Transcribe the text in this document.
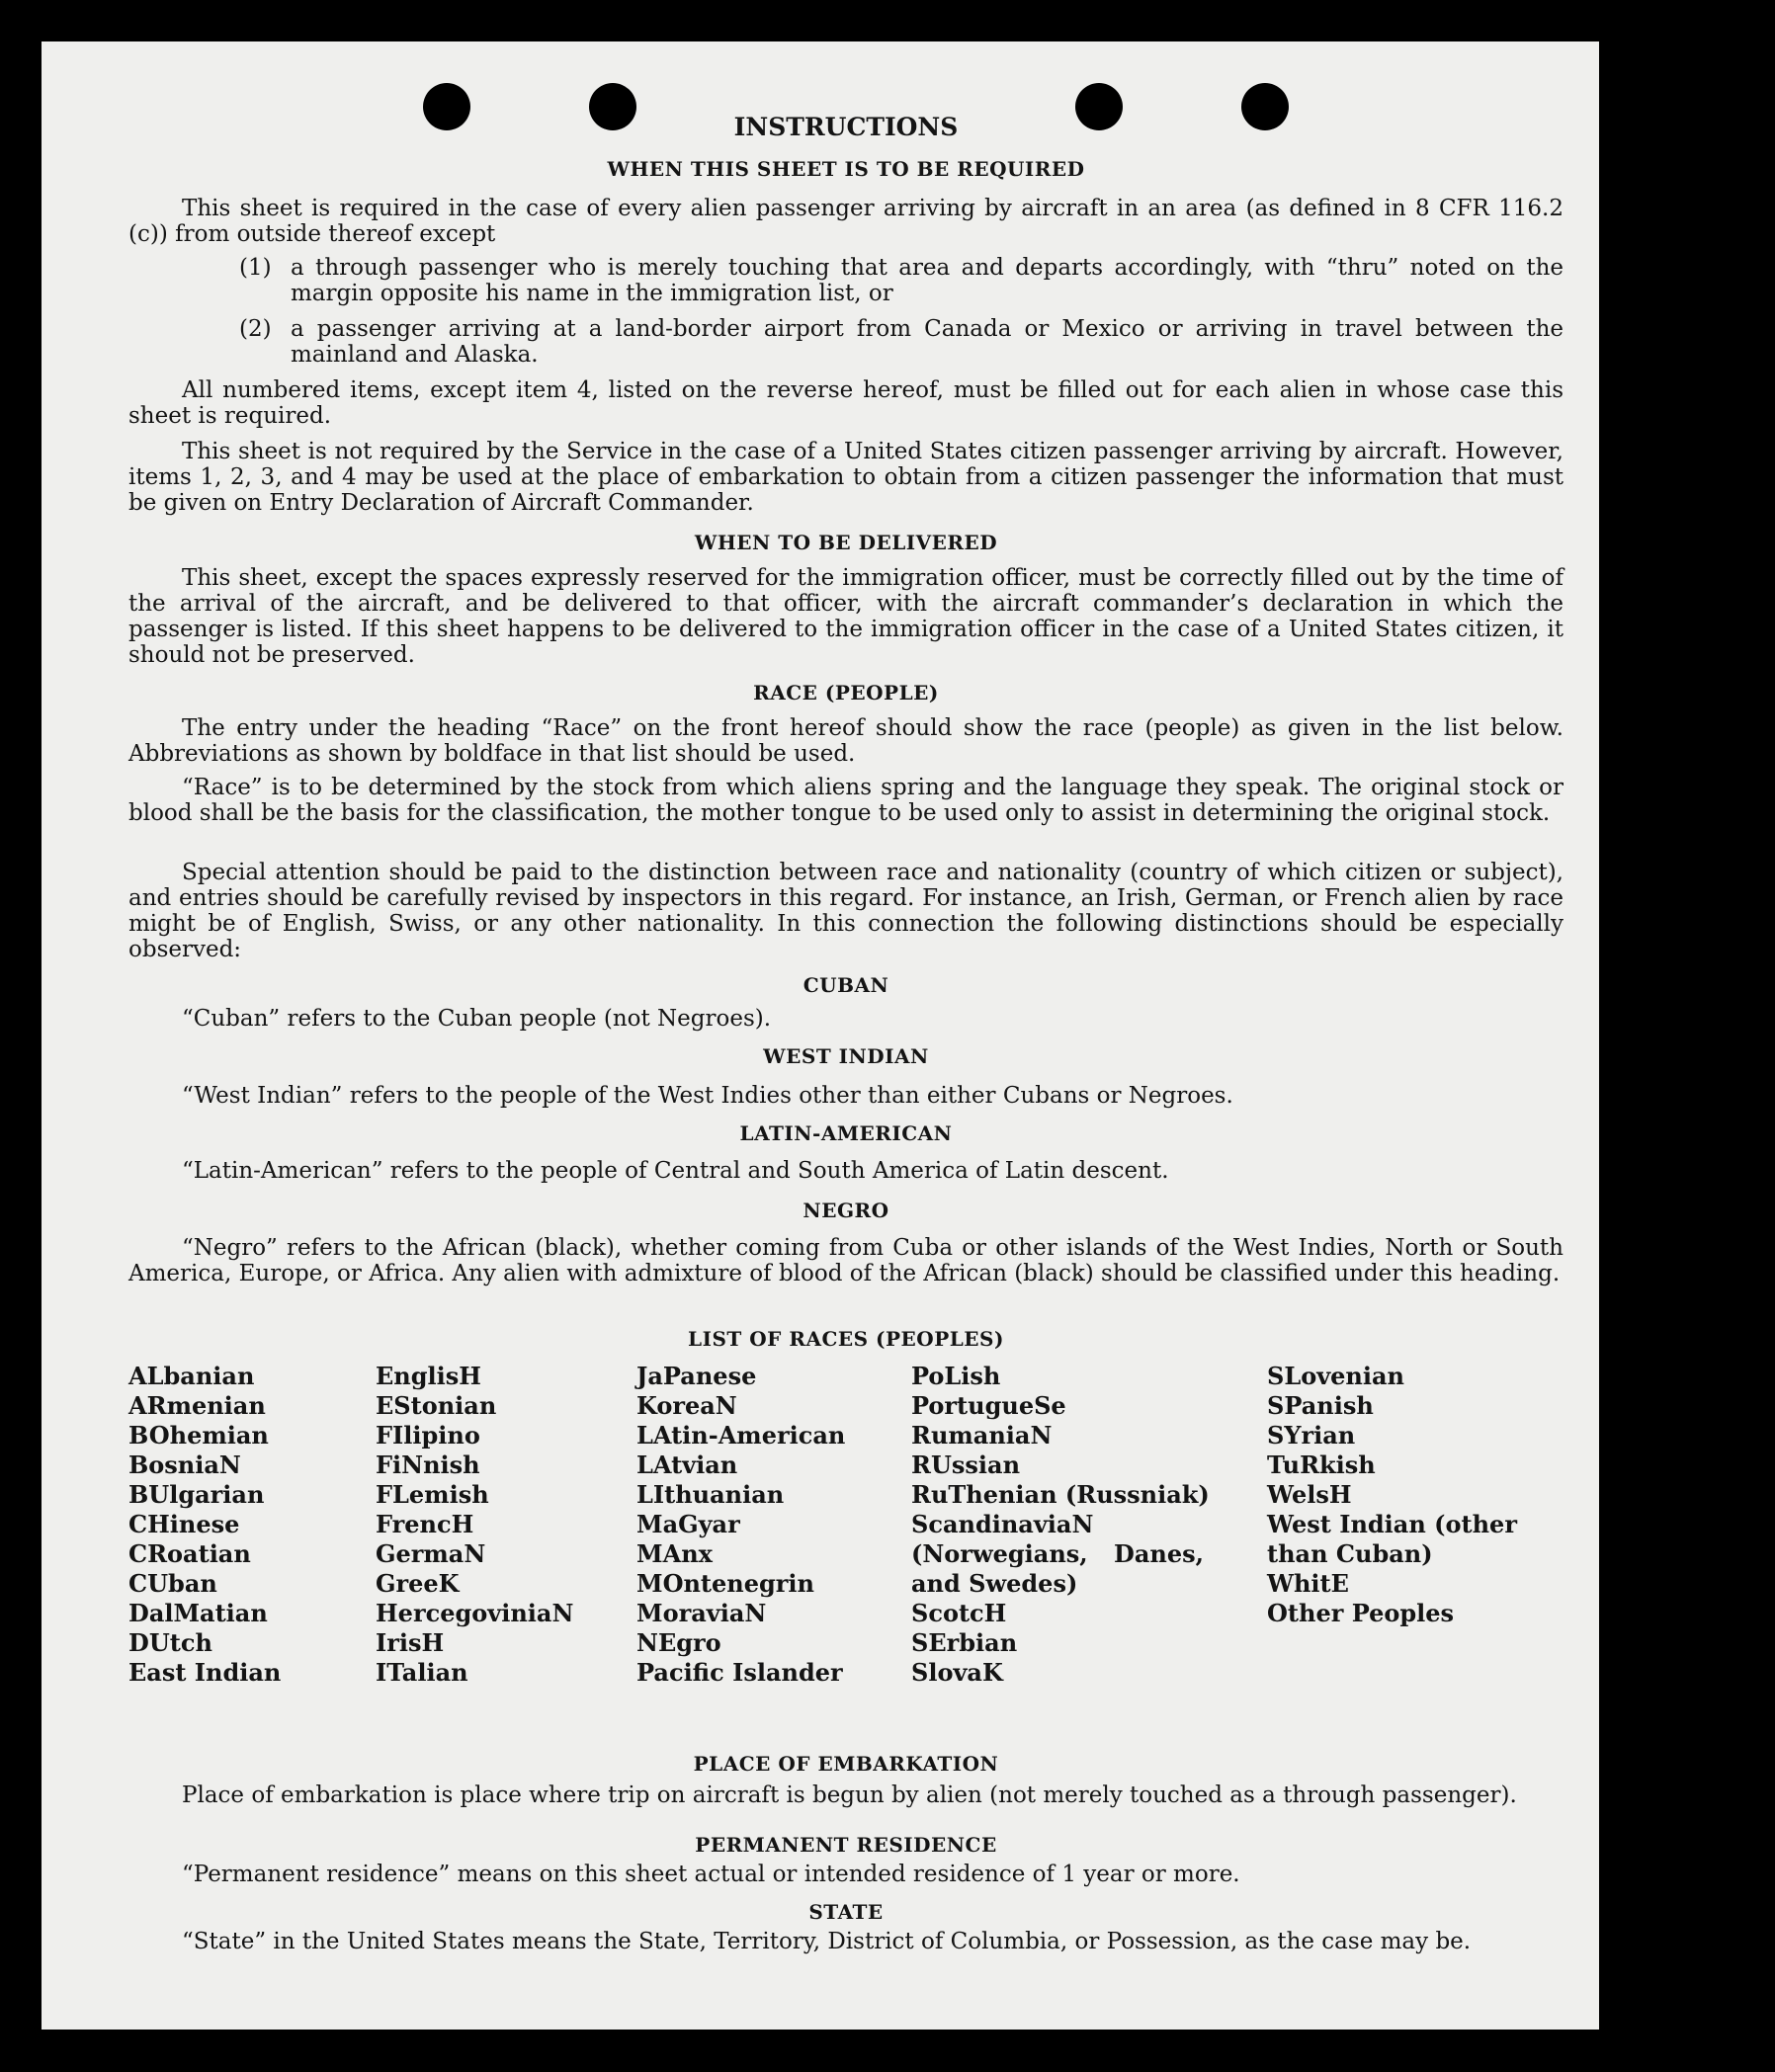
INSTRUCTIONS
WHEN THIS SHEET IS TO BE REQUIRED
This sheet is required in the case of every alien passenger arriving by aircraft in an area (as defined in 8 CFR 116.2 (c)) from outside thereof except
(1) a through passenger who is merely touching that area and departs accordingly, with “thru” noted on the margin opposite his name in the immigration list, or
(2) a passenger arriving at a land-border airport from Canada or Mexico or arriving in travel between the mainland and Alaska.
All numbered items, except item 4, listed on the reverse hereof, must be filled out for each alien in whose case this sheet is required.
This sheet is not required by the Service in the case of a United States citizen passenger arriving by aircraft. However, items 1, 2, 3, and 4 may be used at the place of embarkation to obtain from a citizen passenger the information that must be given on Entry Declaration of Aircraft Commander.
WHEN TO BE DELIVERED
This sheet, except the spaces expressly reserved for the immigration officer, must be correctly filled out by the time of the arrival of the aircraft, and be delivered to that officer, with the aircraft commander’s declaration in which the passenger is listed. If this sheet happens to be delivered to the immigration officer in the case of a United States citizen, it should not be preserved.
RACE (PEOPLE)
The entry under the heading “Race” on the front hereof should show the race (people) as given in the list below. Abbreviations as shown by boldface in that list should be used.
“Race” is to be determined by the stock from which aliens spring and the language they speak. The original stock or blood shall be the basis for the classification, the mother tongue to be used only to assist in determining the original stock.
Special attention should be paid to the distinction between race and nationality (country of which citizen or subject), and entries should be carefully revised by inspectors in this regard. For instance, an Irish, German, or French alien by race might be of English, Swiss, or any other nationality. In this connection the following distinctions should be especially observed:
CUBAN
“Cuban” refers to the Cuban people (not Negroes).
WEST INDIAN
“West Indian” refers to the people of the West Indies other than either Cubans or Negroes.
LATIN-AMERICAN
“Latin-American” refers to the people of Central and South America of Latin descent.
NEGRO
“Negro” refers to the African (black), whether coming from Cuba or other islands of the West Indies, North or South America, Europe, or Africa. Any alien with admixture of blood of the African (black) should be classified under this heading.
LIST OF RACES (PEOPLES)
ALbanian
ARmenian
BOhemian
BosniaN
BUlgarian
CHinese
CRoatian
CUban
DalMatian
DUtch
East Indian
EnglisH
EStonian
FIlipino
FiNnish
FLemish
FrencH
GermaN
GreeK
HercegoviniaN
IrisH
ITalian
JaPanese
KoreaN
LAtin-American
LAtvian
LIthuanian
MaGyar
MAnx
MOntenegrin
MoraviaN
NEgro
Pacific Islander
PoLish
PortugueSe
RumaniaN
RUssian
RuThenian (Russniak)
ScandinaviaN (Norwegians, Danes, and Swedes)
ScotcH
SErbian
SlovaK
SLovenian
SPanish
SYrian
TuRkish
WelsH
West Indian (other than Cuban)
WhitE
Other Peoples
PLACE OF EMBARKATION
Place of embarkation is place where trip on aircraft is begun by alien (not merely touched as a through passenger).
PERMANENT RESIDENCE
“Permanent residence” means on this sheet actual or intended residence of 1 year or more.
STATE
“State” in the United States means the State, Territory, District of Columbia, or Possession, as the case may be.
